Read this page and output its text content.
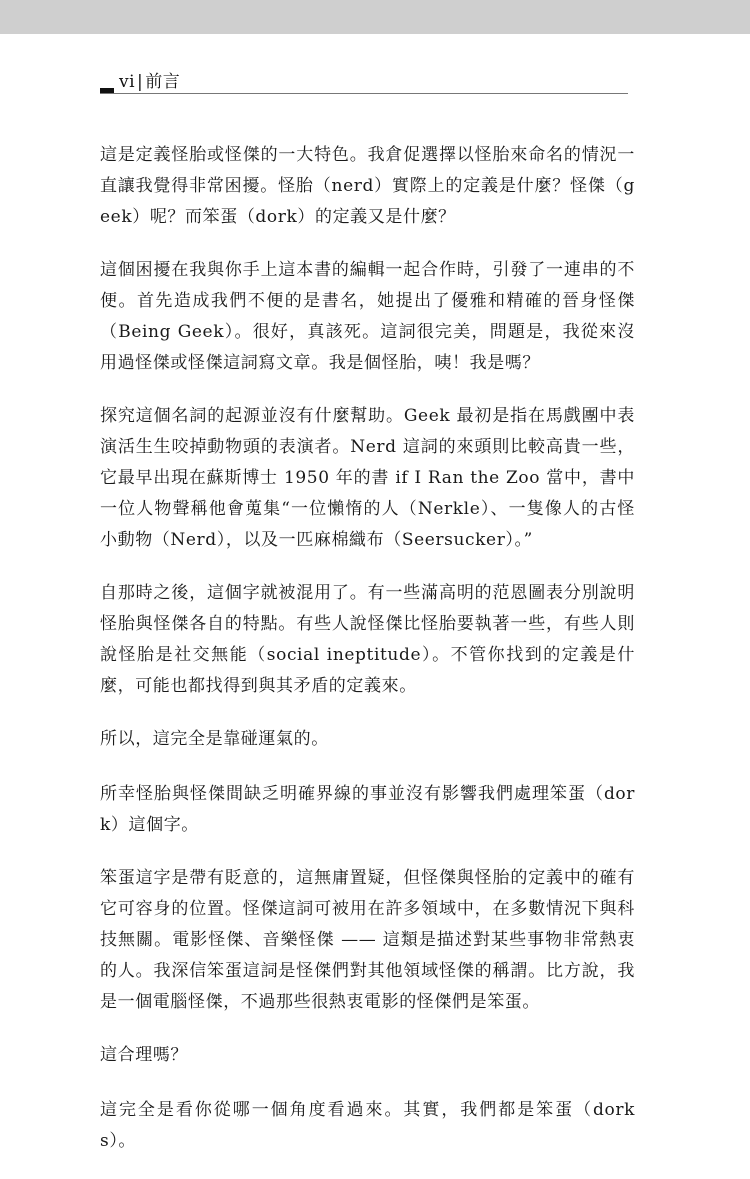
vi | 前言

這是定義怪胎或怪傑的一大特色。我倉促選擇以怪胎來命名的情況一直讓我覺得非常困擾。怪胎（nerd）實際上的定義是什麼？怪傑（geek）呢？而笨蛋（dork）的定義又是什麼？

這個困擾在我與你手上這本書的編輯一起合作時，引發了一連串的不便。首先造成我們不便的是書名，她提出了優雅和精確的晉身怪傑（Being Geek）。很好，真該死。這詞很完美，問題是，我從來沒用過怪傑或怪傑這詞寫文章。我是個怪胎，咦！我是嗎？

探究這個名詞的起源並沒有什麼幫助。Geek 最初是指在馬戲團中表演活生生咬掉動物頭的表演者。Nerd 這詞的來頭則比較高貴一些，它最早出現在蘇斯博士 1950 年的書 if I Ran the Zoo 當中，書中一位人物聲稱他會蒐集“一位懶惰的人（Nerkle）、一隻像人的古怪小動物（Nerd），以及一匹麻棉織布（Seersucker）。”

自那時之後，這個字就被混用了。有一些滿高明的范恩圖表分別說明怪胎與怪傑各自的特點。有些人說怪傑比怪胎要執著一些，有些人則說怪胎是社交無能（social ineptitude）。不管你找到的定義是什麼，可能也都找得到與其矛盾的定義來。

所以，這完全是靠碰運氣的。

所幸怪胎與怪傑間缺乏明確界線的事並沒有影響我們處理笨蛋（dork）這個字。

笨蛋這字是帶有貶意的，這無庸置疑，但怪傑與怪胎的定義中的確有它可容身的位置。怪傑這詞可被用在許多領域中，在多數情況下與科技無關。電影怪傑、音樂怪傑 —— 這類是描述對某些事物非常熱衷的人。我深信笨蛋這詞是怪傑們對其他領域怪傑的稱謂。比方說，我是一個電腦怪傑，不過那些很熱衷電影的怪傑們是笨蛋。

這合理嗎？

這完全是看你從哪一個角度看過來。其實，我們都是笨蛋（dorks）。
